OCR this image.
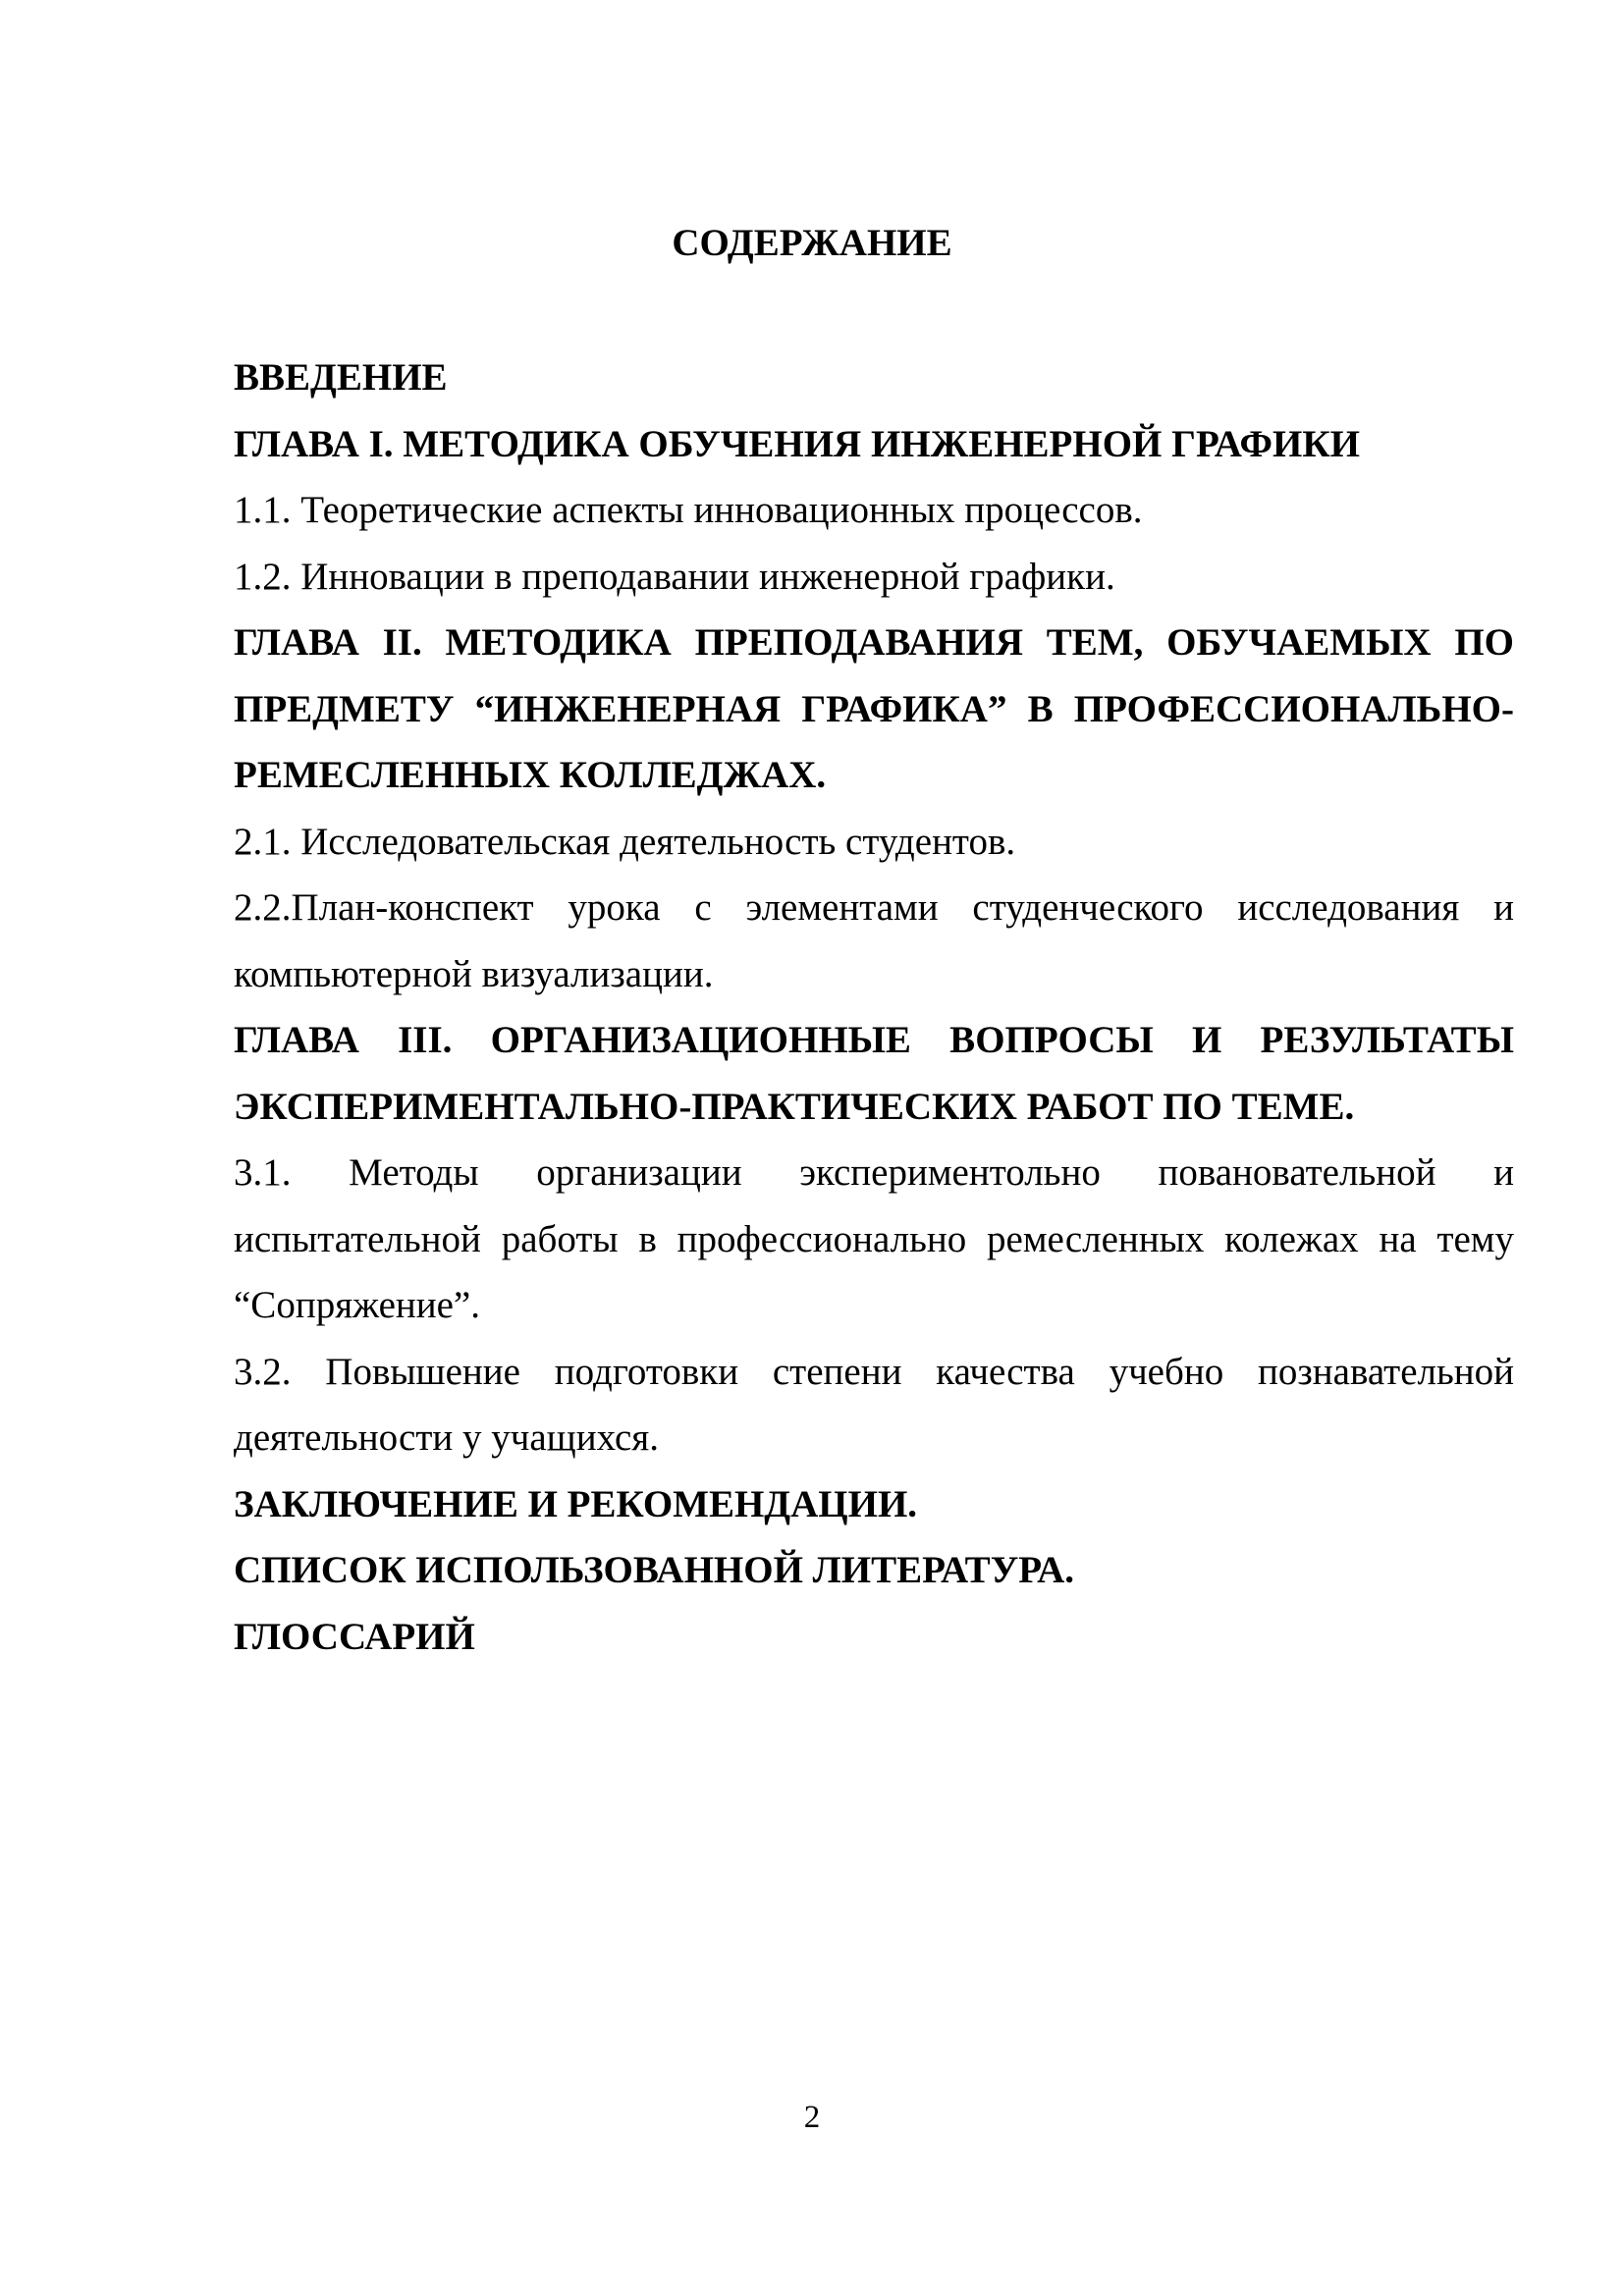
СОДЕРЖАНИЕ

ВВЕДЕНИЕ

ГЛАВА I. МЕТОДИКА ОБУЧЕНИЯ ИНЖЕНЕРНОЙ ГРАФИКИ

1.1. Теоретические аспекты инновационных процессов.

1.2. Инновации в преподавании инженерной графики.

ГЛАВА II. МЕТОДИКА ПРЕПОДАВАНИЯ ТЕМ, ОБУЧАЕМЫХ ПО ПРЕДМЕТУ “ИНЖЕНЕРНАЯ ГРАФИКА” В ПРОФЕССИОНАЛЬНО-РЕМЕСЛЕННЫХ КОЛЛЕДЖАХ.

2.1. Исследовательская деятельность студентов.

2.2.План-конспект урока с элементами студенческого исследования и компьютерной визуализации.

ГЛАВА III. ОРГАНИЗАЦИОННЫЕ ВОПРОСЫ И РЕЗУЛЬТАТЫ ЭКСПЕРИМЕНТАЛЬНО-ПРАКТИЧЕСКИХ РАБОТ ПО ТЕМЕ.

3.1. Методы организации экспериментольно повановательной и испытательной работы в профессионально ремесленных колежах на тему “Сопряжение”.

3.2. Повышение подготовки степени качества учебно познавательной деятельности у учащихся.

ЗАКЛЮЧЕНИЕ И РЕКОМЕНДАЦИИ.

СПИСОК ИСПОЛЬЗОВАННОЙ ЛИТЕРАТУРА.

ГЛОССАРИЙ

2
